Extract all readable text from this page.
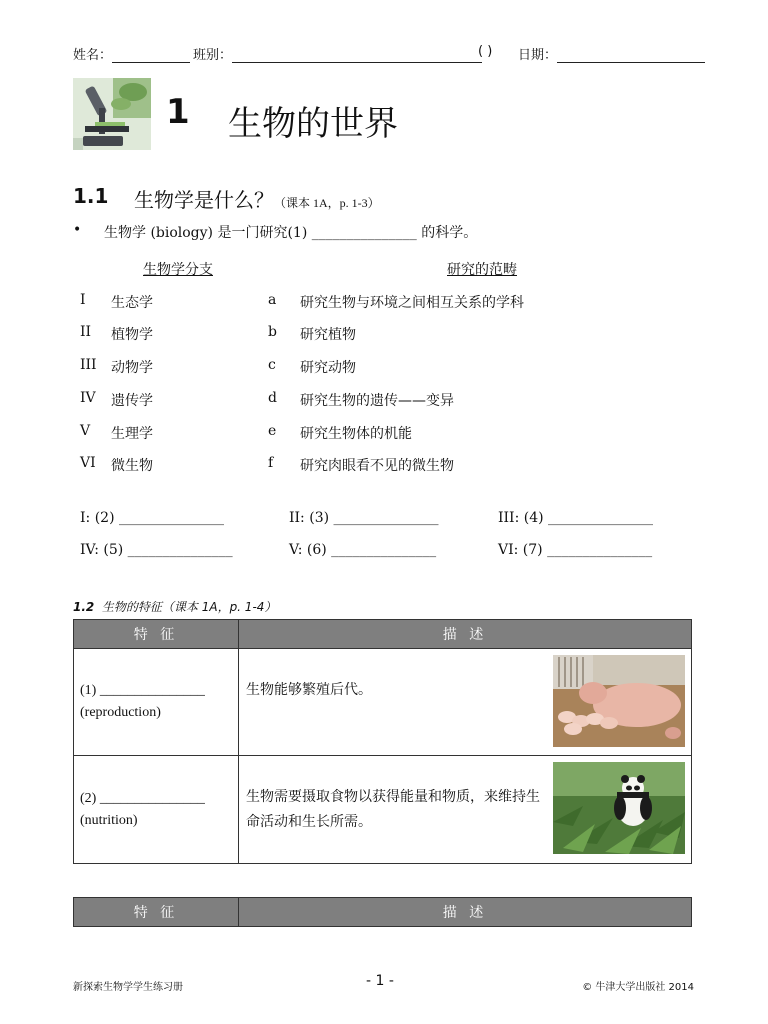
姓名：	班别：	( ) 日期：
1 生物的世界
1.1 生物学是什么？（课本 1A，p. 1-3）
• 生物学 (biology) 是一门研究(1) _______________ 的科学。
生物学分支	研究的范畴
I 生态学	a 研究生物与环境之间相互关系的学科
II 植物学	b 研究植物
III 动物学	c 研究动物
IV 遗传学	d 研究生物的遗传——变异
V 生理学	e 研究生物体的机能
VI 微生物	f 研究肉眼看不见的微生物
I: (2) _______________	II: (3) _______________	III: (4) _______________
IV: (5) _______________	V: (6) _______________	VI: (7) _______________
1.2 生物的特征（课本 1A，p. 1-4）
特 征	描 述

(1) _______________
(reproduction)	生物能够繁殖后代。

(2) _______________
(nutrition)	生物需要摄取食物以获得能量和物质，来维持生命活动和生长所需。
特 征	描 述
新探索生物学学生练习册	- 1 -	© 牛津大学出版社 2014
